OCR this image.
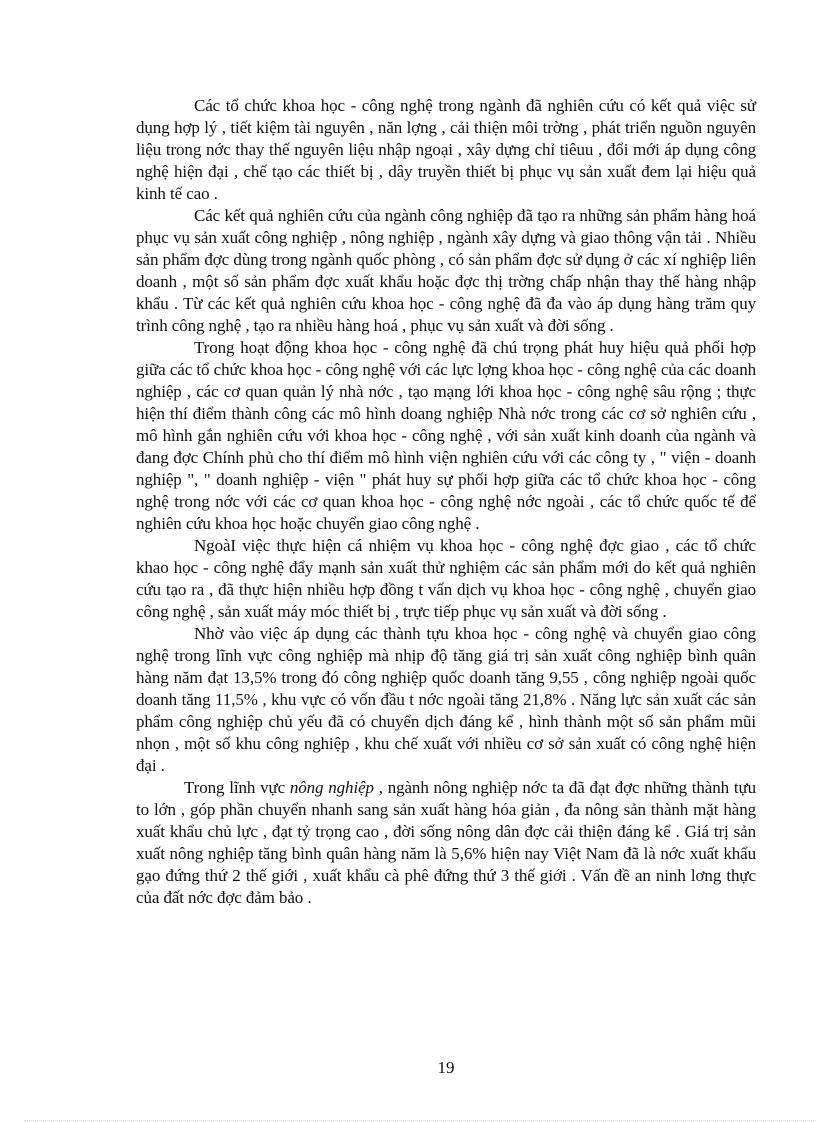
Các tổ chức khoa học - công nghệ trong ngành đã nghiên cứu có kết quả việc sử dụng hợp lý , tiết kiệm tài nguyên , năn lợng , cải thiện môi trờng , phát triển nguồn nguyên liệu trong nớc thay thế nguyên liệu nhập ngoại , xây dựng chỉ tiêuu , đổi mới áp dụng công nghệ hiện đại , chế tạo các thiết bị , dây truyền thiết bị phục vụ sản xuất đem lại hiệu quả kinh tế cao .

Các kết quả nghiên cứu của ngành công nghiệp đã tạo ra những sản phẩm hàng hoá phục vụ sản xuất công nghiệp , nông nghiệp , ngành xây dựng và giao thông vận tải . Nhiều sản phẩm đợc dùng trong ngành quốc phòng , có sản phẩm đợc sử dụng ở các xí nghiệp liên doanh , một số sản phẩm đợc xuất khẩu hoặc đợc thị trờng chấp nhận thay thế hàng nhập khẩu . Từ các kết quả nghiên cứu khoa học - công nghệ đã đa vào áp dụng hàng trăm quy trình công nghệ , tạo ra nhiều hàng hoá , phục vụ sản xuất và đời sống .

Trong hoạt động khoa học - công nghệ đã chú trọng phát huy hiệu quả phối hợp giữa các tổ chức khoa học - công nghệ với các lực lợng khoa học - công nghệ của các doanh nghiệp , các cơ quan quản lý nhà nớc , tạo mạng lới khoa học - công nghệ sâu rộng ; thực hiện thí điểm thành công các mô hình doang nghiệp Nhà nớc trong các cơ sở nghiên cứu , mô hình gắn nghiên cứu với khoa học - công nghệ , với sản xuất kinh doanh của ngành và đang đợc Chính phủ cho thí điểm mô hình viện nghiên cứu với các công ty , " viện - doanh nghiệp ", " doanh nghiệp - viện " phát huy sự phối hợp giữa các tổ chức khoa học - công nghệ trong nớc với các cơ quan khoa học - công nghệ nớc ngoài , các tổ chức quốc tế để nghiên cứu khoa học hoặc chuyển giao công nghệ .

NgoàI việc thực hiện cá nhiệm vụ khoa học - công nghệ đợc giao , các tổ chức khao học - công nghệ đẩy mạnh sản xuất thử nghiệm các sản phẩm mới do kết quả nghiên cứu tạo ra , đã thực hiện nhiều hợp đồng t vấn dịch vụ khoa học - công nghệ , chuyển giao công nghệ , sản xuất máy móc thiết bị , trực tiếp phục vụ sản xuất và đời sống .

Nhờ vào việc áp dụng các thành tựu khoa học - công nghệ và chuyển giao công nghệ trong lĩnh vực công nghiệp mà nhịp độ tăng giá trị sản xuất công nghiệp bình quân hàng năm đạt 13,5% trong đó công nghiệp quốc doanh tăng 9,55 , công nghiệp ngoài quốc doanh tăng 11,5% , khu vực có vốn đầu t nớc ngoài tăng 21,8% . Năng lực sản xuất các sản phẩm công nghiệp chủ yếu đã có chuyển dịch đáng kể , hình thành một số sản phẩm mũi nhọn , một số khu công nghiệp , khu chế xuất với nhiều cơ sở sản xuất có công nghệ hiện đại .

Trong lĩnh vực nông nghiệp , ngành nông nghiệp nớc ta đã đạt đợc những thành tựu to lớn , góp phần chuyển nhanh sang sản xuất hàng hóa giản , đa nông sản thành mặt hàng xuất khẩu chủ lực , đạt tỷ trọng cao , đời sống nông dân đợc cải thiện đáng kể . Giá trị sản xuất nông nghiệp tăng bình quân hàng năm là 5,6% hiện nay Việt Nam đã là nớc xuất khẩu gạo đứng thứ 2 thế giới , xuất khẩu cà phê đứng thứ 3 thế giới . Vấn đề an ninh lơng thực của đất nớc đợc đảm bảo .

19
